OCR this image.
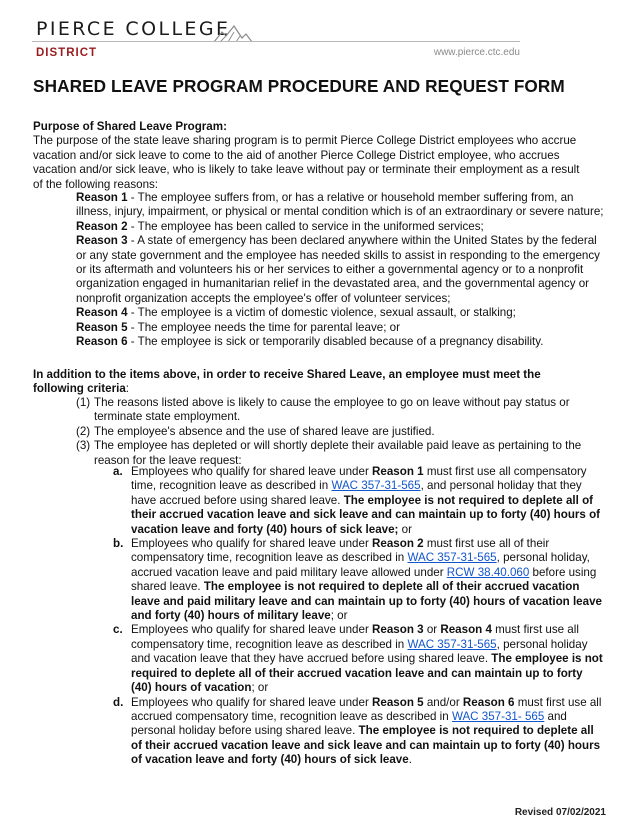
PIERCE COLLEGE
DISTRICT	www.pierce.ctc.edu
SHARED LEAVE PROGRAM PROCEDURE AND REQUEST FORM
Purpose of Shared Leave Program:
The purpose of the state leave sharing program is to permit Pierce College District employees who accrue vacation and/or sick leave to come to the aid of another Pierce College District employee, who accrues vacation and/or sick leave, who is likely to take leave without pay or terminate their employment as a result of the following reasons:
Reason 1 - The employee suffers from, or has a relative or household member suffering from, an illness, injury, impairment, or physical or mental condition which is of an extraordinary or severe nature;
Reason 2 - The employee has been called to service in the uniformed services;
Reason 3 - A state of emergency has been declared anywhere within the United States by the federal or any state government and the employee has needed skills to assist in responding to the emergency or its aftermath and volunteers his or her services to either a governmental agency or to a nonprofit organization engaged in humanitarian relief in the devastated area, and the governmental agency or nonprofit organization accepts the employee's offer of volunteer services;
Reason 4 - The employee is a victim of domestic violence, sexual assault, or stalking;
Reason 5 - The employee needs the time for parental leave; or
Reason 6 - The employee is sick or temporarily disabled because of a pregnancy disability.
In addition to the items above, in order to receive Shared Leave, an employee must meet the following criteria:
(1) The reasons listed above is likely to cause the employee to go on leave without pay status or terminate state employment.
(2) The employee's absence and the use of shared leave are justified.
(3) The employee has depleted or will shortly deplete their available paid leave as pertaining to the reason for the leave request:
a. Employees who qualify for shared leave under Reason 1 must first use all compensatory time, recognition leave as described in WAC 357-31-565, and personal holiday that they have accrued before using shared leave. The employee is not required to deplete all of their accrued vacation leave and sick leave and can maintain up to forty (40) hours of vacation leave and forty (40) hours of sick leave; or
b. Employees who qualify for shared leave under Reason 2 must first use all of their compensatory time, recognition leave as described in WAC 357-31-565, personal holiday, accrued vacation leave and paid military leave allowed under RCW 38.40.060 before using shared leave. The employee is not required to deplete all of their accrued vacation leave and paid military leave and can maintain up to forty (40) hours of vacation leave and forty (40) hours of military leave; or
c. Employees who qualify for shared leave under Reason 3 or Reason 4 must first use all compensatory time, recognition leave as described in WAC 357-31-565, personal holiday and vacation leave that they have accrued before using shared leave. The employee is not required to deplete all of their accrued vacation leave and can maintain up to forty (40) hours of vacation; or
d. Employees who qualify for shared leave under Reason 5 and/or Reason 6 must first use all accrued compensatory time, recognition leave as described in WAC 357-31- 565 and personal holiday before using shared leave. The employee is not required to deplete all of their accrued vacation leave and sick leave and can maintain up to forty (40) hours of vacation leave and forty (40) hours of sick leave.
Revised 07/02/2021
